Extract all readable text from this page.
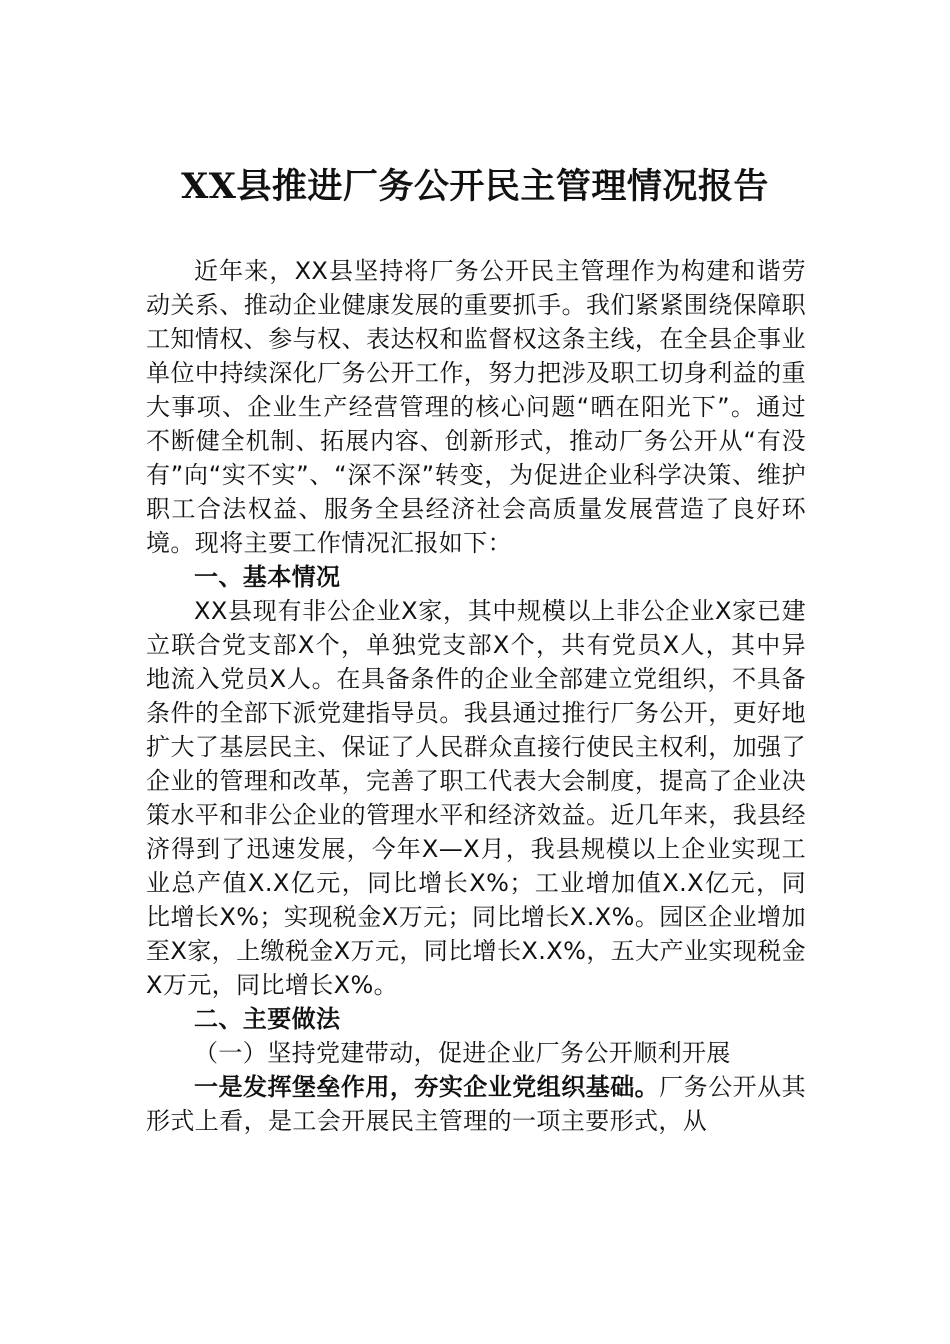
XX县推进厂务公开民主管理情况报告

近年来，XX县坚持将厂务公开民主管理作为构建和谐劳动关系、推动企业健康发展的重要抓手。我们紧紧围绕保障职工知情权、参与权、表达权和监督权这条主线，在全县企事业单位中持续深化厂务公开工作，努力把涉及职工切身利益的重大事项、企业生产经营管理的核心问题“晒在阳光下”。通过不断健全机制、拓展内容、创新形式，推动厂务公开从“有没有”向“实不实”、“深不深”转变，为促进企业科学决策、维护职工合法权益、服务全县经济社会高质量发展营造了良好环境。现将主要工作情况汇报如下：

一、基本情况

XX县现有非公企业X家，其中规模以上非公企业X家已建立联合党支部X个，单独党支部X个，共有党员X人，其中异地流入党员X人。在具备条件的企业全部建立党组织，不具备条件的全部下派党建指导员。我县通过推行厂务公开，更好地扩大了基层民主、保证了人民群众直接行使民主权利，加强了企业的管理和改革，完善了职工代表大会制度，提高了企业决策水平和非公企业的管理水平和经济效益。近几年来，我县经济得到了迅速发展，今年X—X月，我县规模以上企业实现工业总产值X.X亿元，同比增长X%；工业增加值X.X亿元，同比增长X%；实现税金X万元；同比增长X.X%。园区企业增加至X家，上缴税金X万元，同比增长X.X%，五大产业实现税金X万元，同比增长X%。

二、主要做法
（一）坚持党建带动，促进企业厂务公开顺利开展

一是发挥堡垒作用，夯实企业党组织基础。厂务公开从其形式上看，是工会开展民主管理的一项主要形式，从
